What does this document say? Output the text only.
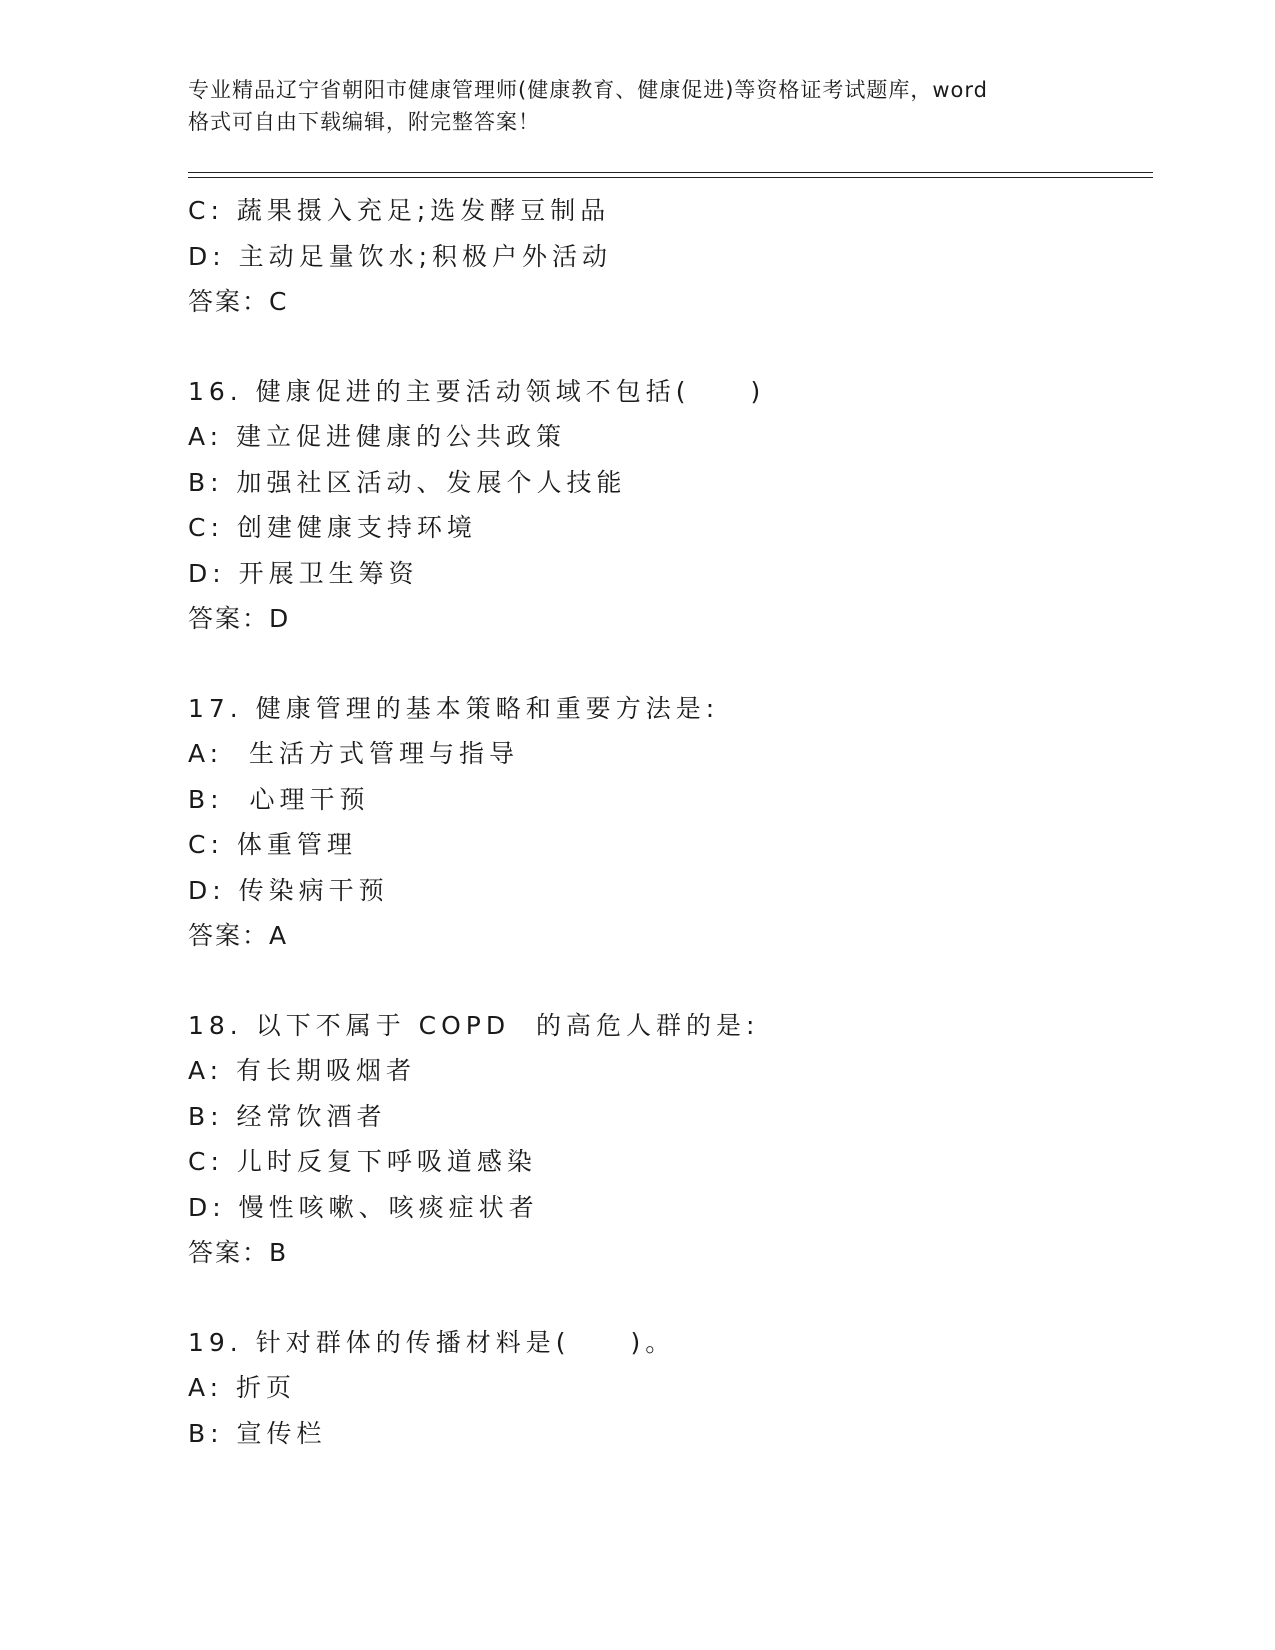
专业精品辽宁省朝阳市健康管理师(健康教育、健康促进)等资格证考试题库，word
格式可自由下载编辑，附完整答案！
C: 蔬果摄入充足;选发酵豆制品
D: 主动足量饮水;积极户外活动
答案：C
16. 健康促进的主要活动领域不包括(　　)
A: 建立促进健康的公共政策
B: 加强社区活动、发展个人技能
C: 创建健康支持环境
D: 开展卫生筹资
答案：D
17. 健康管理的基本策略和重要方法是:
A:  生活方式管理与指导
B:  心理干预
C: 体重管理
D: 传染病干预
答案：A
18. 以下不属于 COPD  的高危人群的是:
A: 有长期吸烟者
B: 经常饮酒者
C: 儿时反复下呼吸道感染
D: 慢性咳嗽、咳痰症状者
答案：B
19. 针对群体的传播材料是(　　)。
A: 折页
B: 宣传栏
